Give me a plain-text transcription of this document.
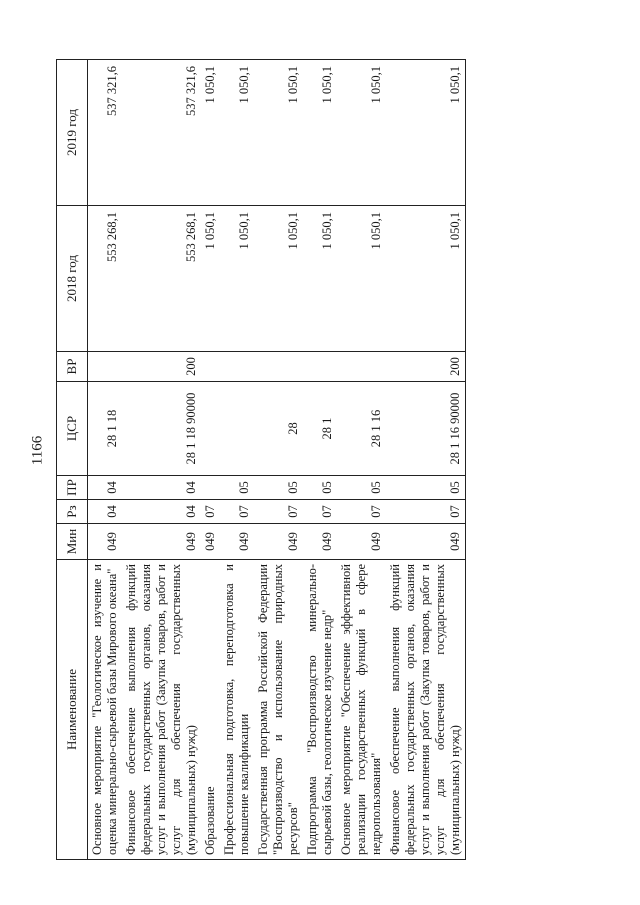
1166
Наименование	Мин	Рз	ПР	ЦСР	ВР	2018 год	2019 год
Основное мероприятие "Геологическое изучение и оценка минерально-сырьевой базы Мирового океана"	049	04	04	28 1 18		553 268,1	537 321,6
Финансовое обеспечение выполнения функций федеральных государственных органов, оказания услуг и выполнения работ (Закупка товаров, работ и услуг для обеспечения государственных (муниципальных) нужд)	049	04	04	28 1 18 90000	200	553 268,1	537 321,6
Образование	049	07				1 050,1	1 050,1
Профессиональная подготовка, переподготовка и повышение квалификации	049	07	05			1 050,1	1 050,1
Государственная программа Российской Федерации "Воспроизводство и использование природных ресурсов"	049	07	05	28		1 050,1	1 050,1
Подпрограмма "Воспроизводство минерально-сырьевой базы, геологическое изучение недр"	049	07	05	28 1		1 050,1	1 050,1
Основное мероприятие "Обеспечение эффективной реализации государственных функций в сфере недропользования"	049	07	05	28 1 16		1 050,1	1 050,1
Финансовое обеспечение выполнения функций федеральных государственных органов, оказания услуг и выполнения работ (Закупка товаров, работ и услуг для обеспечения государственных (муниципальных) нужд)	049	07	05	28 1 16 90000	200	1 050,1	1 050,1
